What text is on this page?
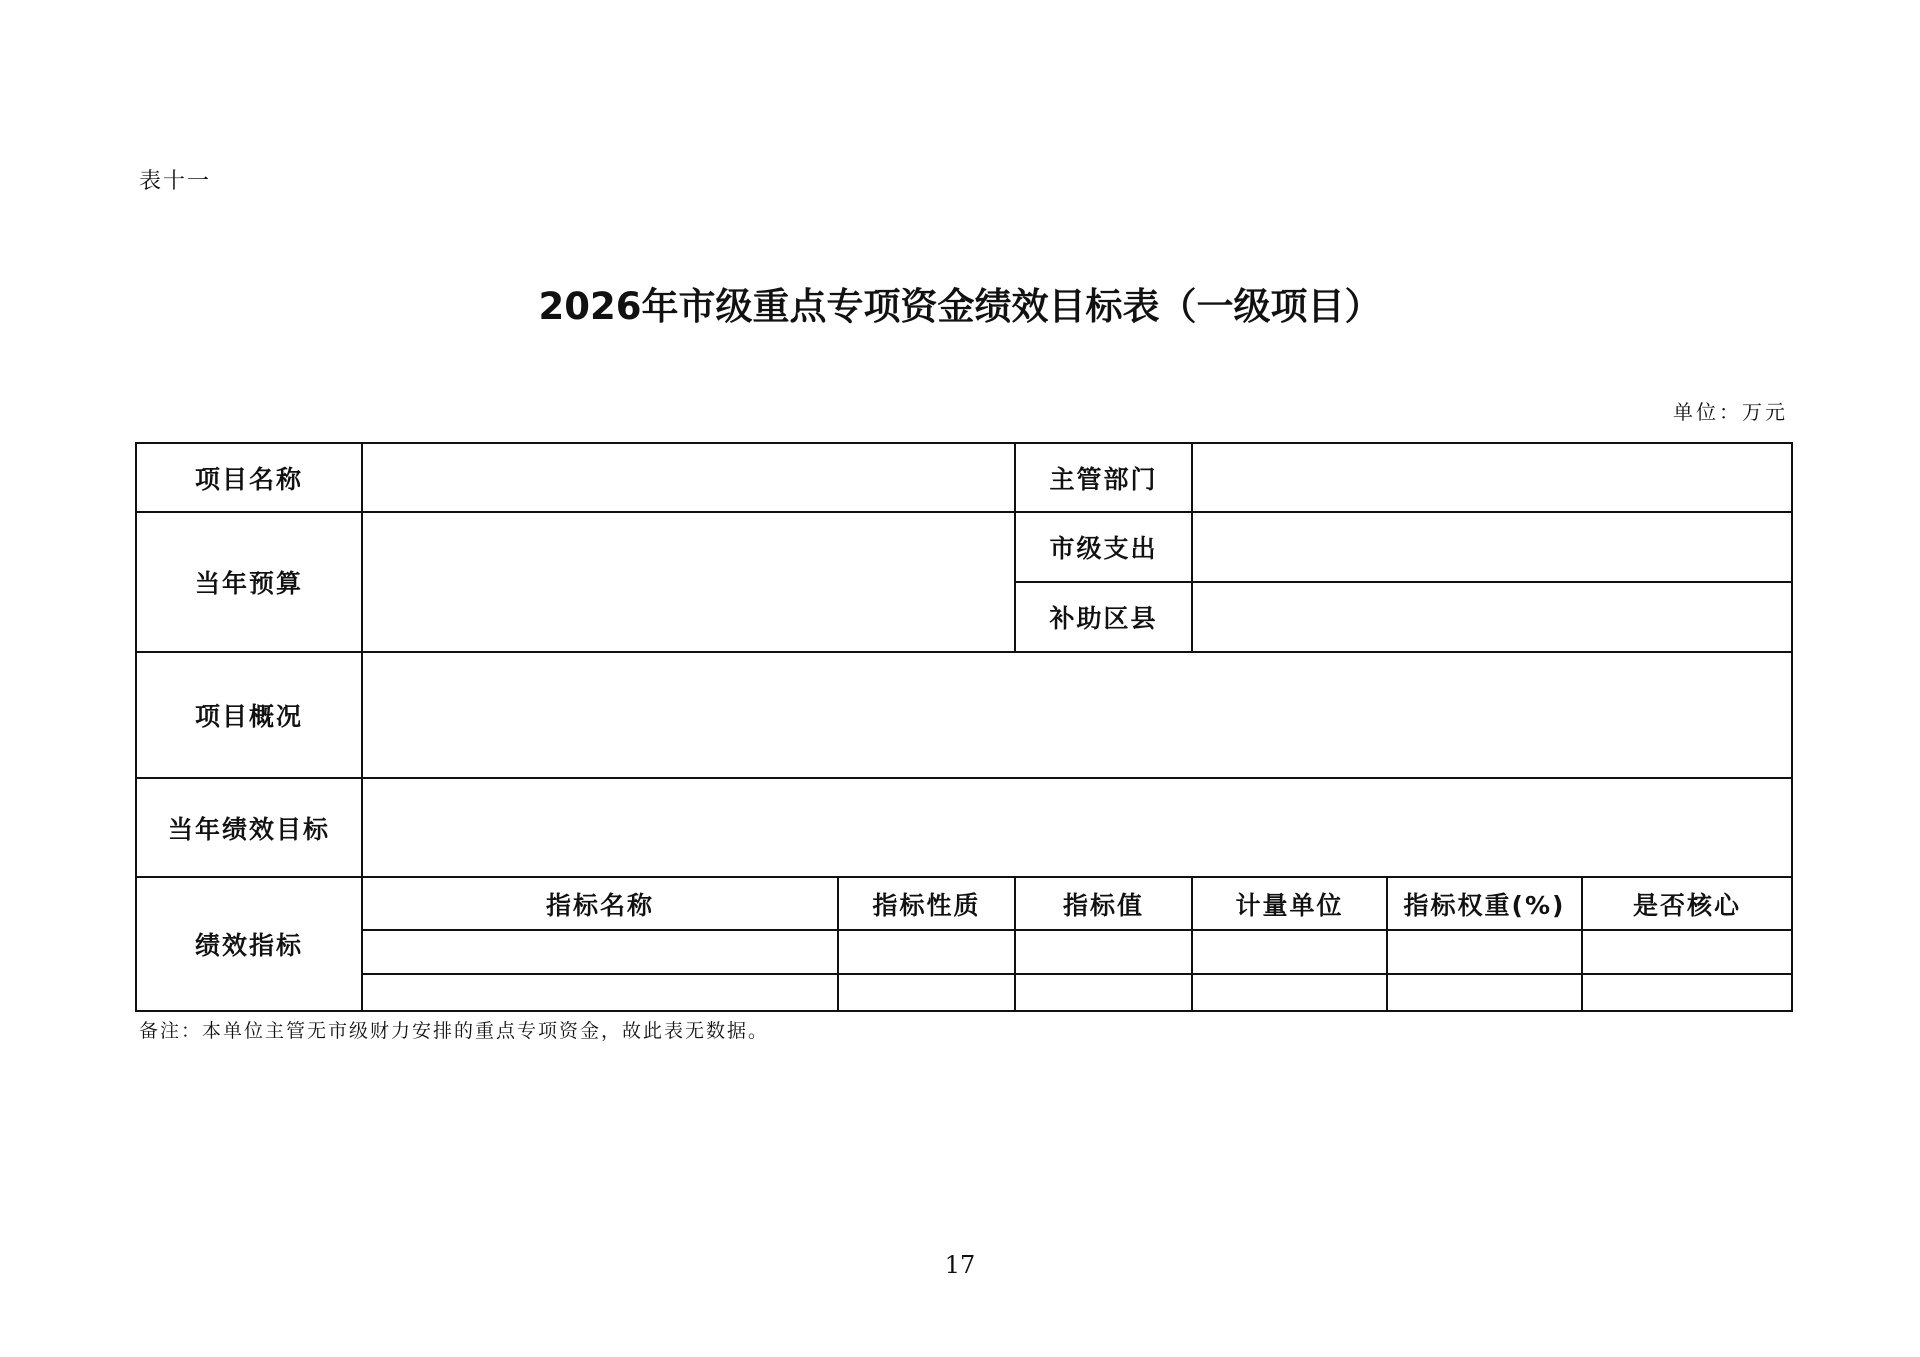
表十一
2026年市级重点专项资金绩效目标表（一级项目）
单位：万元
项目名称			主管部门			
当年预算			市级支出			
			补助区县			
项目概况						
当年绩效目标						
绩效指标	指标名称	指标性质	指标值	计量单位	指标权重(%)	是否核心

备注：本单位主管无市级财力安排的重点专项资金，故此表无数据。
17
